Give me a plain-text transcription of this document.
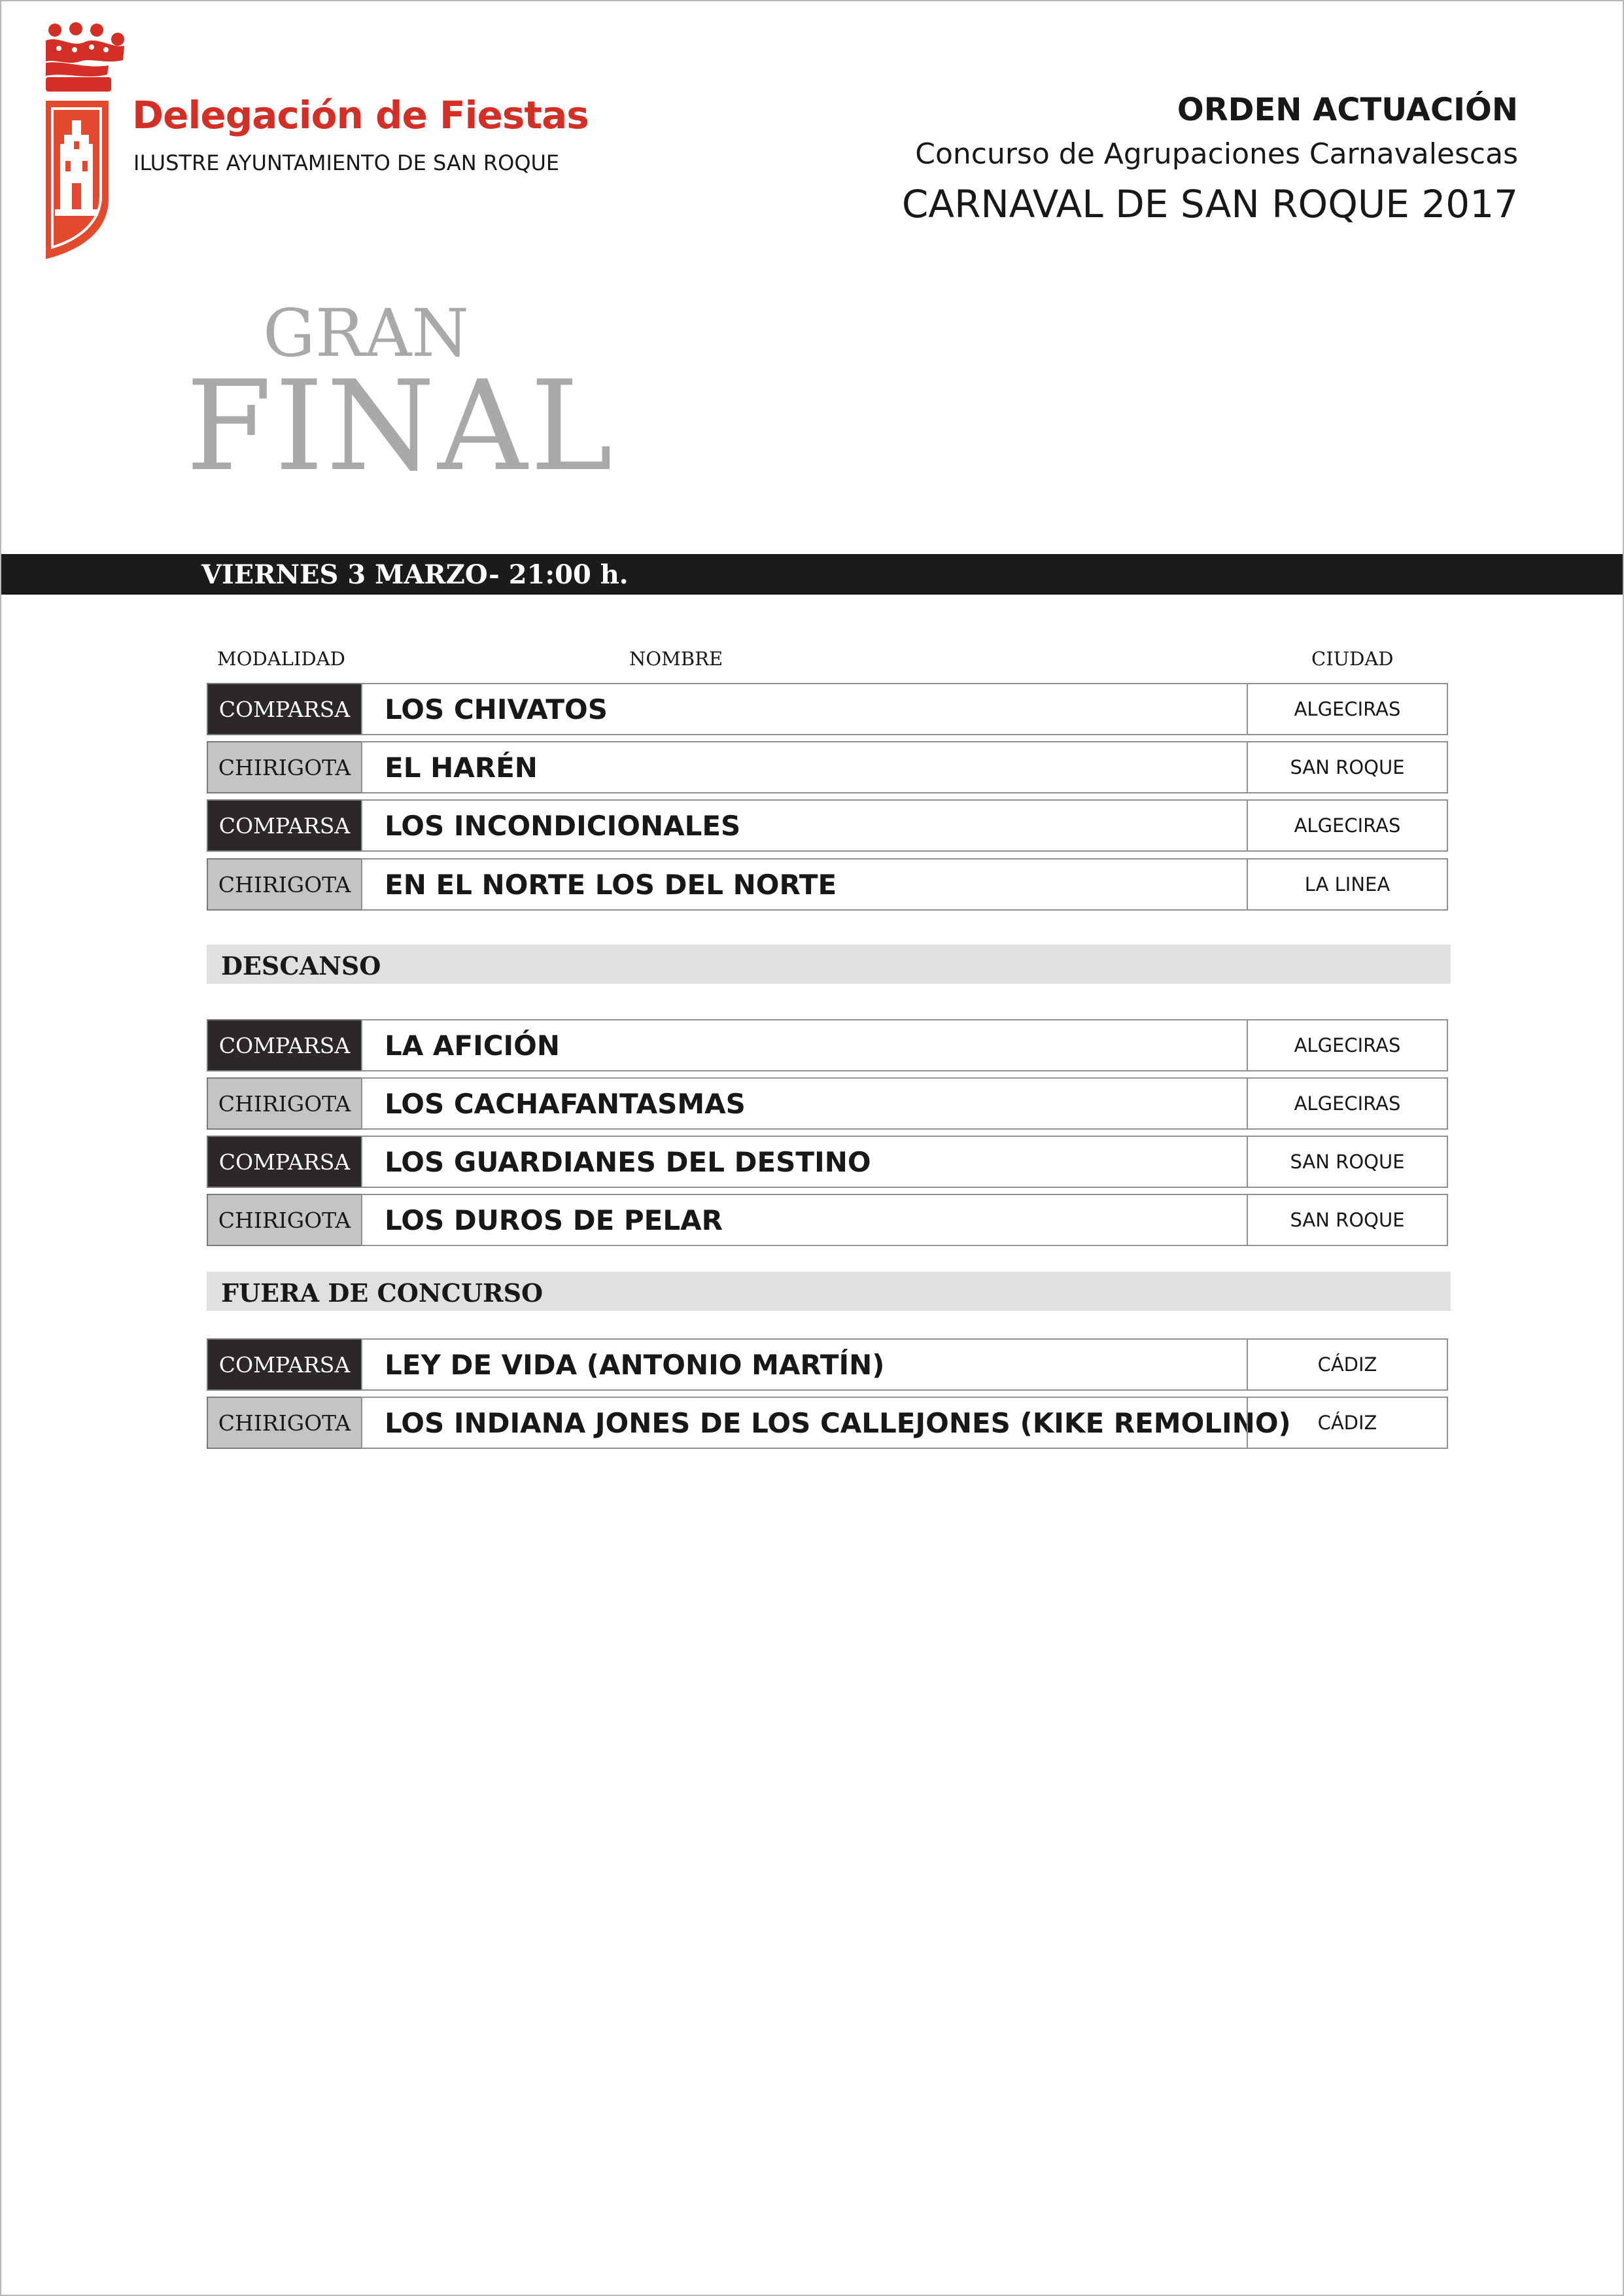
Delegación de Fiestas

ILUSTRE AYUNTAMIENTO DE SAN ROQUE

ORDEN ACTUACIÓN

Concurso de Agrupaciones Carnavalescas

CARNAVAL DE SAN ROQUE 2017

GRAN

FINAL

VIERNES 3 MARZO- 21:00 h.

MODALIDAD	NOMBRE	CIUDAD

COMPARSA	LOS CHIVATOS	ALGECIRAS
CHIRIGOTA	EL HARÉN	SAN ROQUE
COMPARSA	LOS INCONDICIONALES	ALGECIRAS
CHIRIGOTA	EN EL NORTE LOS DEL NORTE	LA LINEA

DESCANSO

COMPARSA	LA AFICIÓN	ALGECIRAS
CHIRIGOTA	LOS CACHAFANTASMAS	ALGECIRAS
COMPARSA	LOS GUARDIANES DEL DESTINO	SAN ROQUE
CHIRIGOTA	LOS DUROS DE PELAR	SAN ROQUE

FUERA DE CONCURSO

COMPARSA	LEY DE VIDA (ANTONIO MARTÍN)	CÁDIZ
CHIRIGOTA	LOS INDIANA JONES DE LOS CALLEJONES (KIKE REMOLINO)	CÁDIZ
